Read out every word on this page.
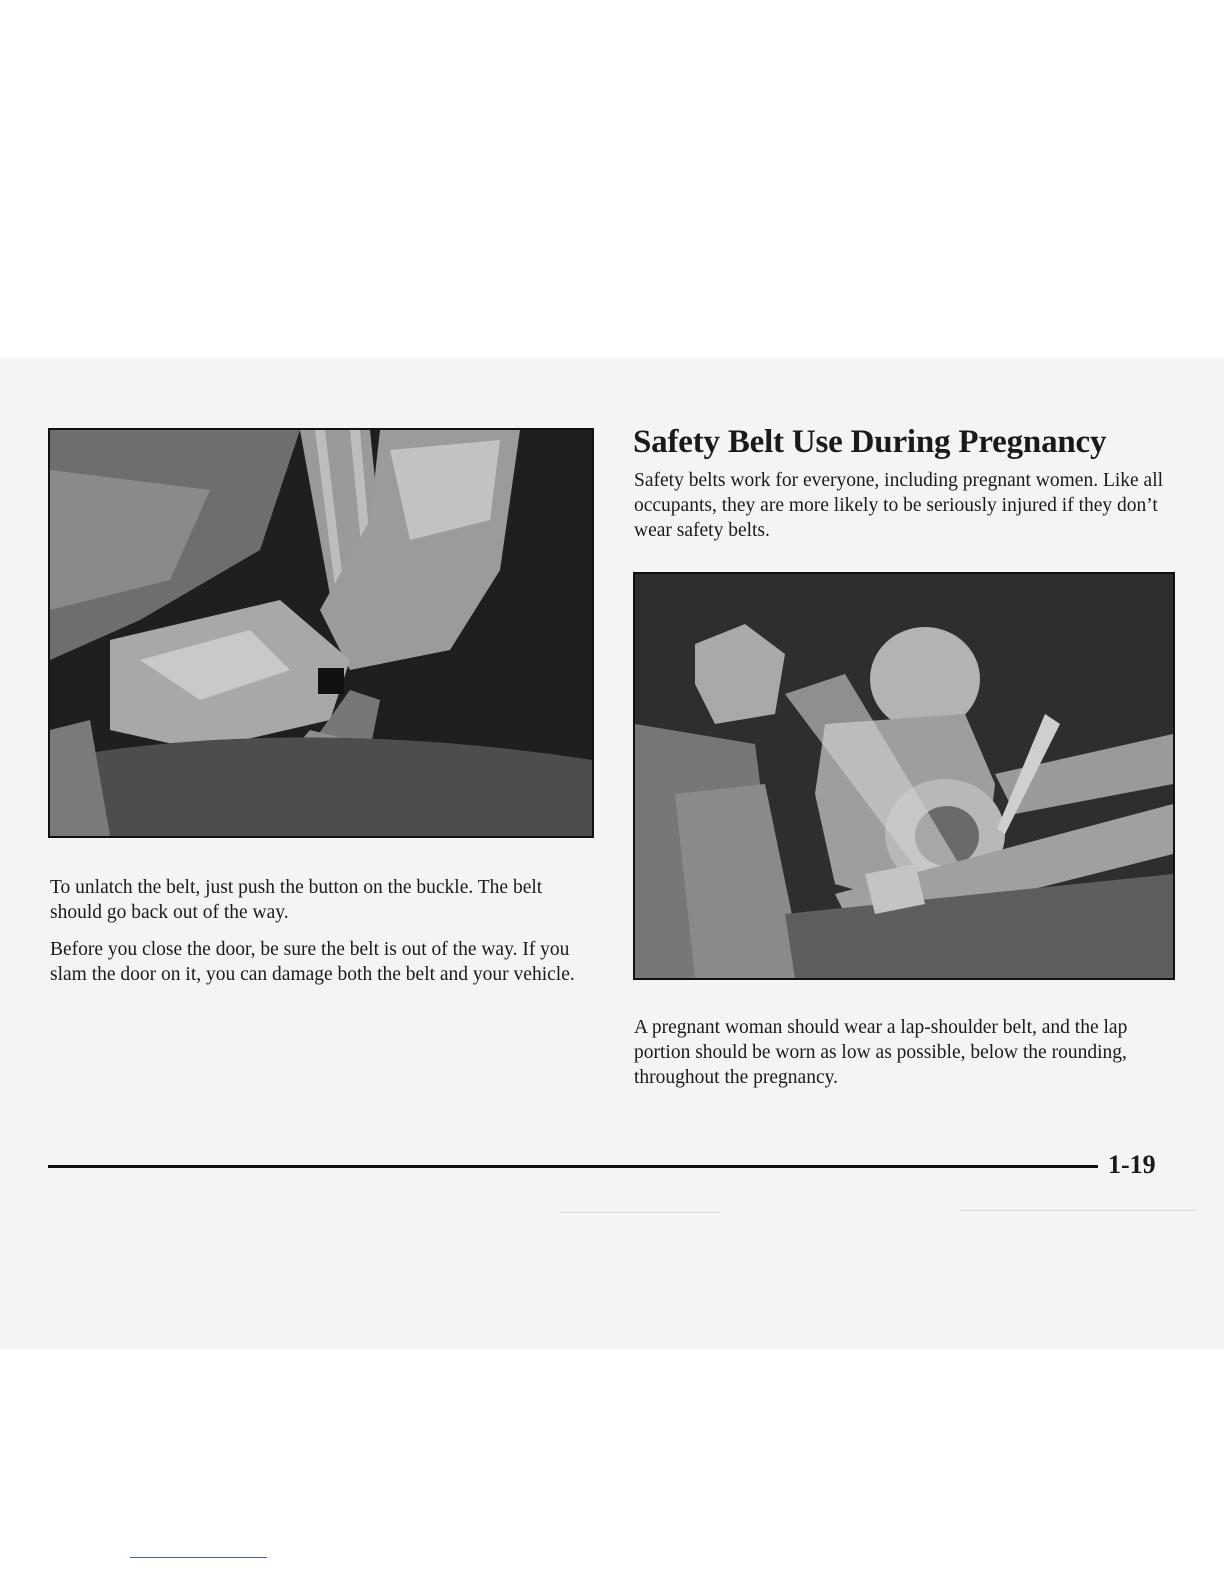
To unlatch the belt, just push the button on the buckle. The belt should go back out of the way.

Before you close the door, be sure the belt is out of the way. If you slam the door on it, you can damage both the belt and your vehicle.

Safety Belt Use During Pregnancy

Safety belts work for everyone, including pregnant women. Like all occupants, they are more likely to be seriously injured if they don’t wear safety belts.

A pregnant woman should wear a lap-shoulder belt, and the lap portion should be worn as low as possible, below the rounding, throughout the pregnancy.

1-19
